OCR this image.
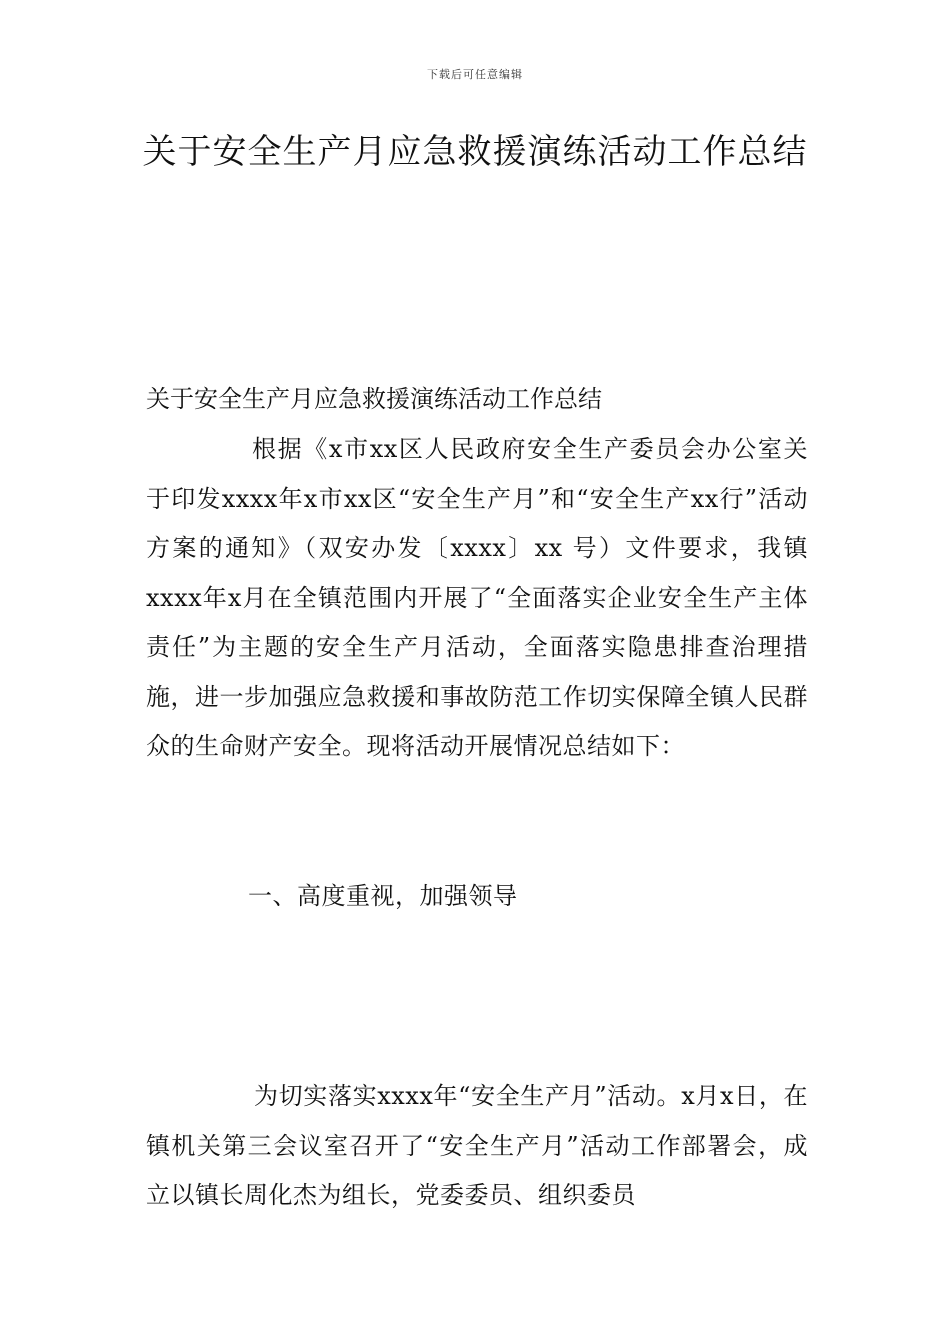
下载后可任意编辑
关于安全生产月应急救援演练活动工作总结

关于安全生产月应急救援演练活动工作总结

根据《x市xx区人民政府安全生产委员会办公室关于印发xxxx年x市xx区“安全生产月”和“安全生产xx行”活动方案的通知》（双安办发〔xxxx〕xx 号）文件要求，我镇xxxx年x月在全镇范围内开展了“全面落实企业安全生产主体责任”为主题的安全生产月活动，全面落实隐患排查治理措施，进一步加强应急救援和事故防范工作切实保障全镇人民群众的生命财产安全。现将活动开展情况总结如下：

一、高度重视，加强领导

为切实落实xxxx年“安全生产月”活动。x月x日，在镇机关第三会议室召开了“安全生产月”活动工作部署会，成立以镇长周化杰为组长，党委委员、组织委员
